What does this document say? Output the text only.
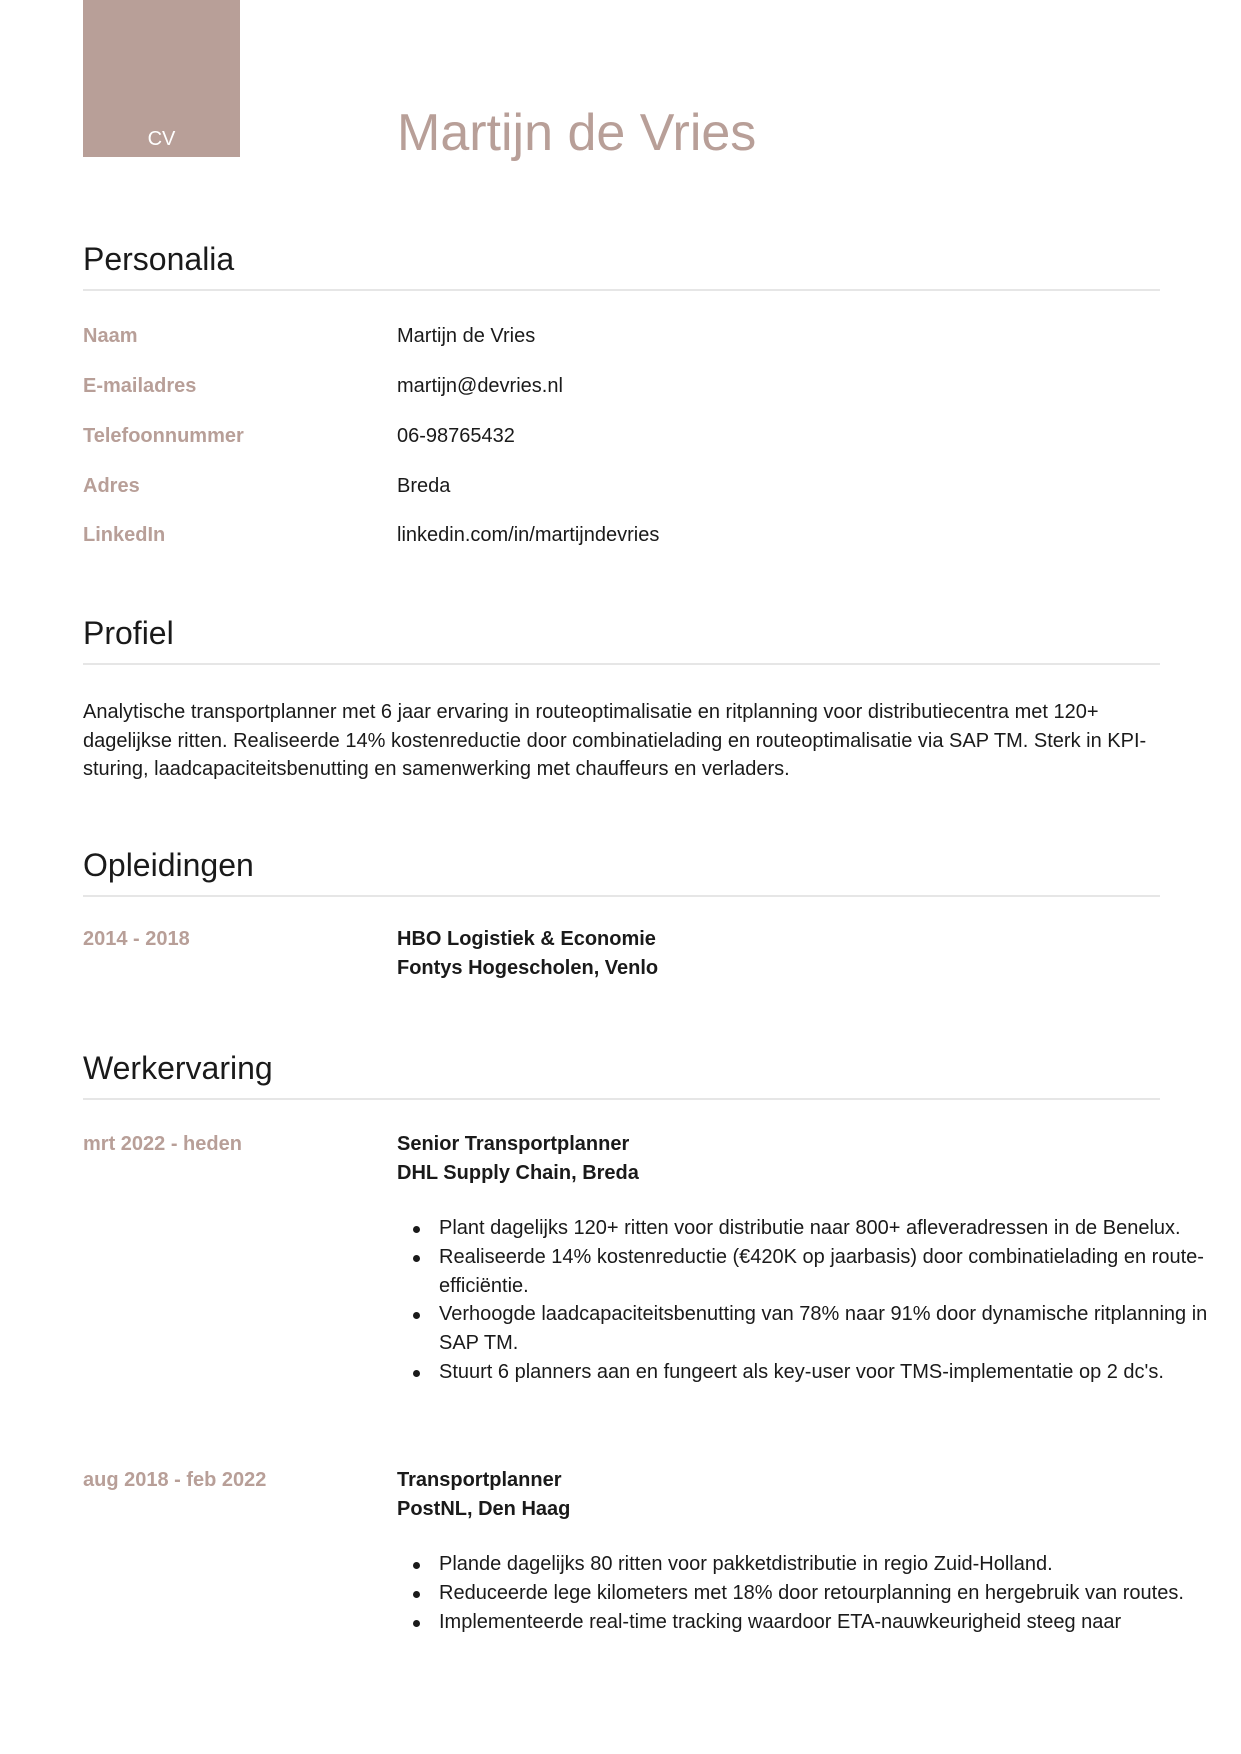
CV	Martijn de Vries
Personalia
Naam	Martijn de Vries
E-mailadres	martijn@devries.nl
Telefoonnummer	06-98765432
Adres	Breda
LinkedIn	linkedin.com/in/martijndevries
Profiel
Analytische transportplanner met 6 jaar ervaring in routeoptimalisatie en ritplanning voor distributiecentra met 120+ dagelijkse ritten. Realiseerde 14% kostenreductie door combinatielading en routeoptimalisatie via SAP TM. Sterk in KPI-sturing, laadcapaciteitsbenutting en samenwerking met chauffeurs en verladers.
Opleidingen
2014 - 2018	HBO Logistiek & Economie
Fontys Hogescholen, Venlo
Werkervaring
mrt 2022 - heden	Senior Transportplanner
DHL Supply Chain, Breda
Plant dagelijks 120+ ritten voor distributie naar 800+ afleveradressen in de Benelux.
Realiseerde 14% kostenreductie (€420K op jaarbasis) door combinatielading en route-efficiëntie.
Verhoogde laadcapaciteitsbenutting van 78% naar 91% door dynamische ritplanning in SAP TM.
Stuurt 6 planners aan en fungeert als key-user voor TMS-implementatie op 2 dc's.
aug 2018 - feb 2022	Transportplanner
PostNL, Den Haag
Plande dagelijks 80 ritten voor pakketdistributie in regio Zuid-Holland.
Reduceerde lege kilometers met 18% door retourplanning en hergebruik van routes.
Implementeerde real-time tracking waardoor ETA-nauwkeurigheid steeg naar
